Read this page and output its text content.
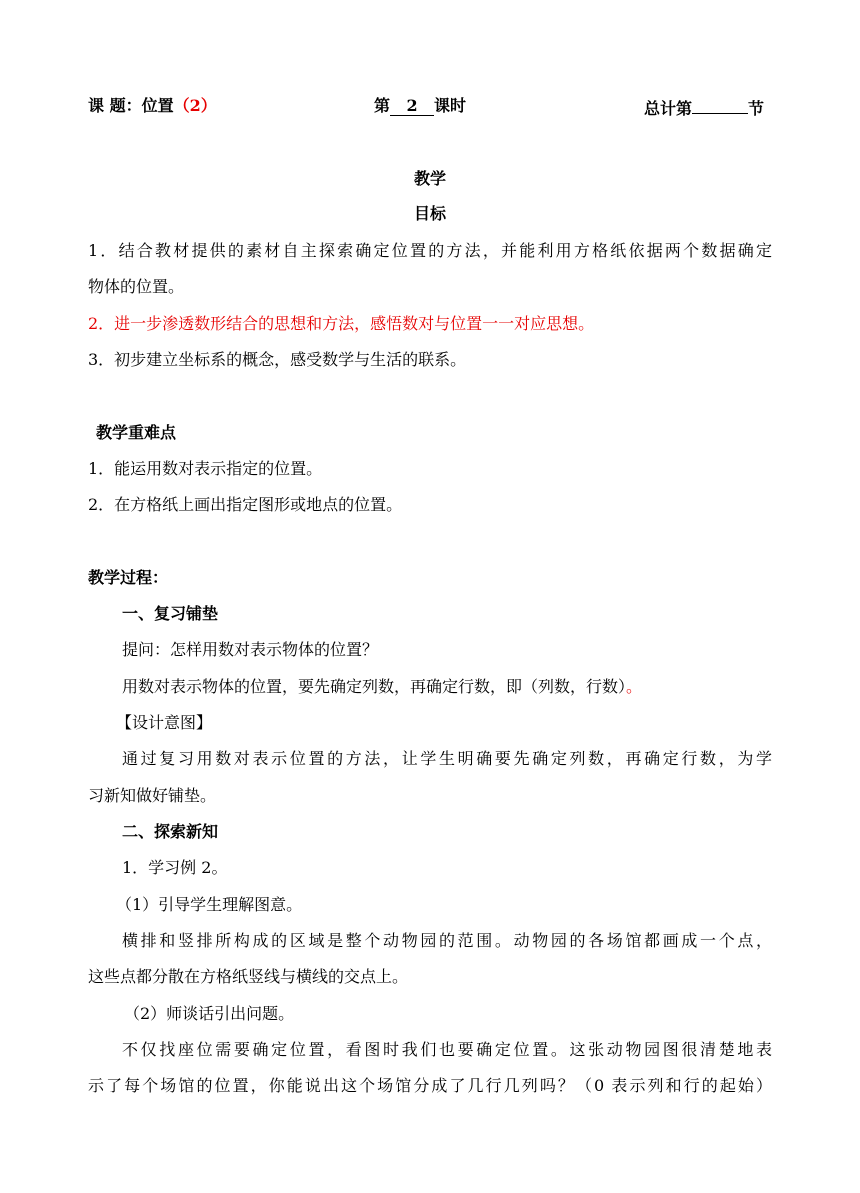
课 题：位置（2）	第 2 课时	总计第	节
教学
目标
1．结合教材提供的素材自主探索确定位置的方法，并能利用方格纸依据两个数据确定
物体的位置。
2．进一步渗透数形结合的思想和方法，感悟数对与位置一一对应思想。
3．初步建立坐标系的概念，感受数学与生活的联系。
教学重难点
1．能运用数对表示指定的位置。
2．在方格纸上画出指定图形或地点的位置。
教学过程：
一、复习铺垫
提问：怎样用数对表示物体的位置？
用数对表示物体的位置，要先确定列数，再确定行数，即（列数，行数）。
【设计意图】
通过复习用数对表示位置的方法，让学生明确要先确定列数，再确定行数，为学
习新知做好铺垫。
二、探索新知
1．学习例 2。
（1）引导学生理解图意。
横排和竖排所构成的区域是整个动物园的范围。动物园的各场馆都画成一个点，
这些点都分散在方格纸竖线与横线的交点上。
（2）师谈话引出问题。
不仅找座位需要确定位置，看图时我们也要确定位置。这张动物园图很清楚地表
示了每个场馆的位置，你能说出这个场馆分成了几行几列吗？（0 表示列和行的起始）
